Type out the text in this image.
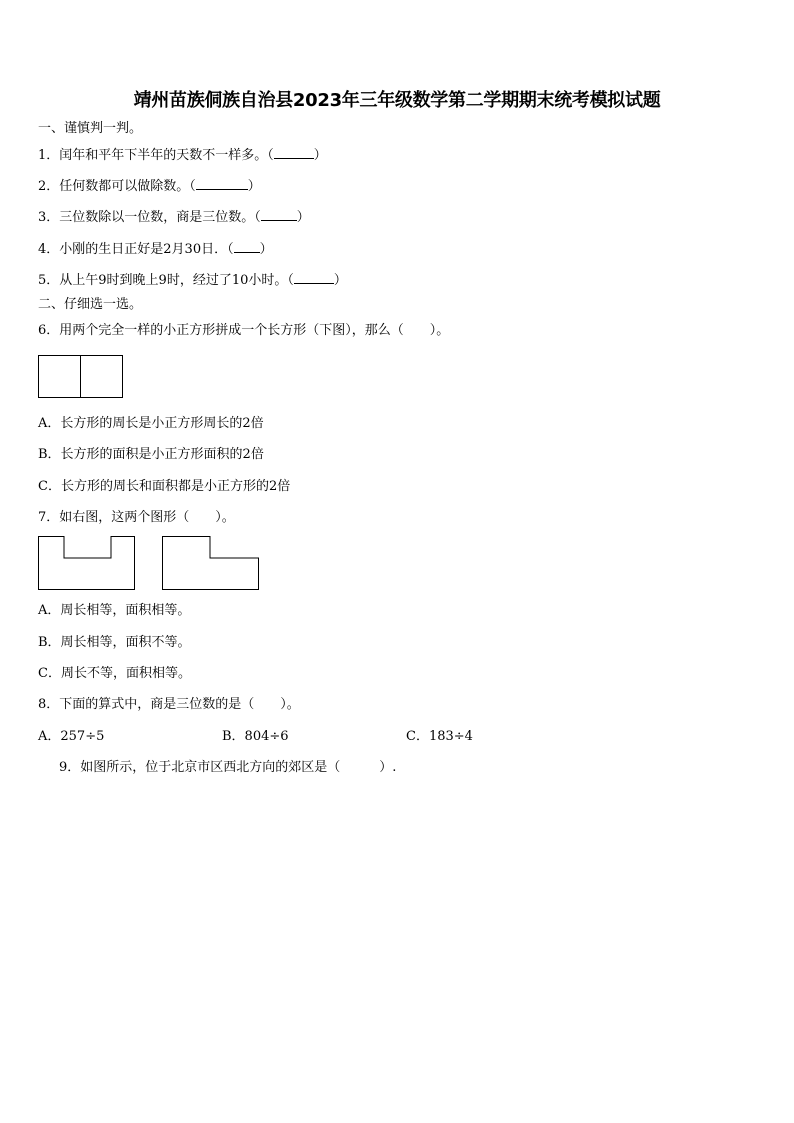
靖州苗族侗族自治县2023年三年级数学第二学期期末统考模拟试题
一、谨慎判一判。
1．闰年和平年下半年的天数不一样多。（	）
2．任何数都可以做除数。（	）
3．三位数除以一位数，商是三位数。（	）
4．小刚的生日正好是2月30日．（ ）
5．从上午9时到晚上9时，经过了10小时。（	）
二、仔细选一选。
6．用两个完全一样的小正方形拼成一个长方形（下图），那么（　　）。
A．长方形的周长是小正方形周长的2倍
B．长方形的面积是小正方形面积的2倍
C．长方形的周长和面积都是小正方形的2倍
7．如右图，这两个图形（　　）。
A．周长相等，面积相等。
B．周长相等，面积不等。
C．周长不等，面积相等。
8．下面的算式中，商是三位数的是（　　）。
A．257÷5	B．804÷6	C．183÷4
9．如图所示，位于北京市区西北方向的郊区是（　　　）.
